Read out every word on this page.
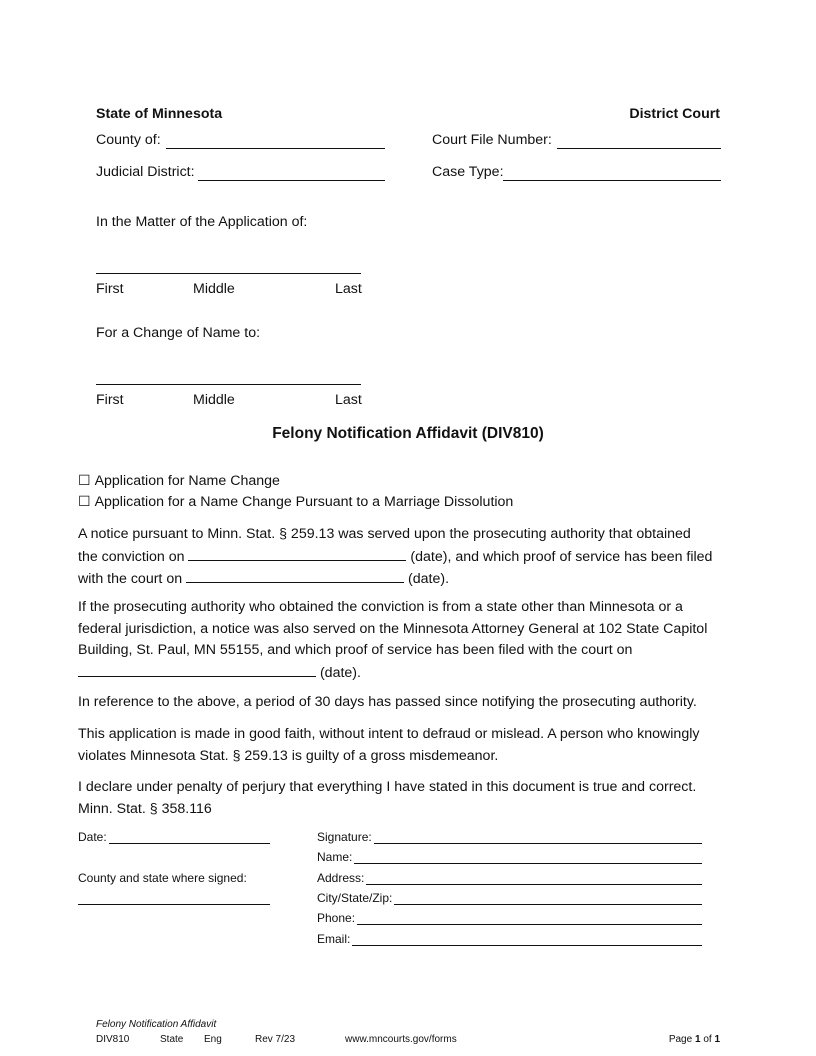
State of Minnesota	District Court
County of:	Court File Number:
Judicial District:	Case Type:
In the Matter of the Application of:
First	Middle	Last
For a Change of Name to:
First	Middle	Last
Felony Notification Affidavit (DIV810)
☐ Application for Name Change
☐ Application for a Name Change Pursuant to a Marriage Dissolution
A notice pursuant to Minn. Stat. § 259.13 was served upon the prosecuting authority that obtained
the conviction on	(date), and which proof of service has been filed
with the court on	(date).
If the prosecuting authority who obtained the conviction is from a state other than Minnesota or a
federal jurisdiction, a notice was also served on the Minnesota Attorney General at 102 State Capitol
Building, St. Paul, MN 55155, and which proof of service has been filed with the court on
(date).
In reference to the above, a period of 30 days has passed since notifying the prosecuting authority.
This application is made in good faith, without intent to defraud or mislead. A person who knowingly
violates Minnesota Stat. § 259.13 is guilty of a gross misdemeanor.
I declare under penalty of perjury that everything I have stated in this document is true and correct.
Minn. Stat. § 358.116
Date:
County and state where signed:
Signature:
Name:
Address:
City/State/Zip:
Phone:
Email:
Felony Notification Affidavit
DIV810	State Eng	Rev 7/23	www.mncourts.gov/forms	Page 1 of 1
